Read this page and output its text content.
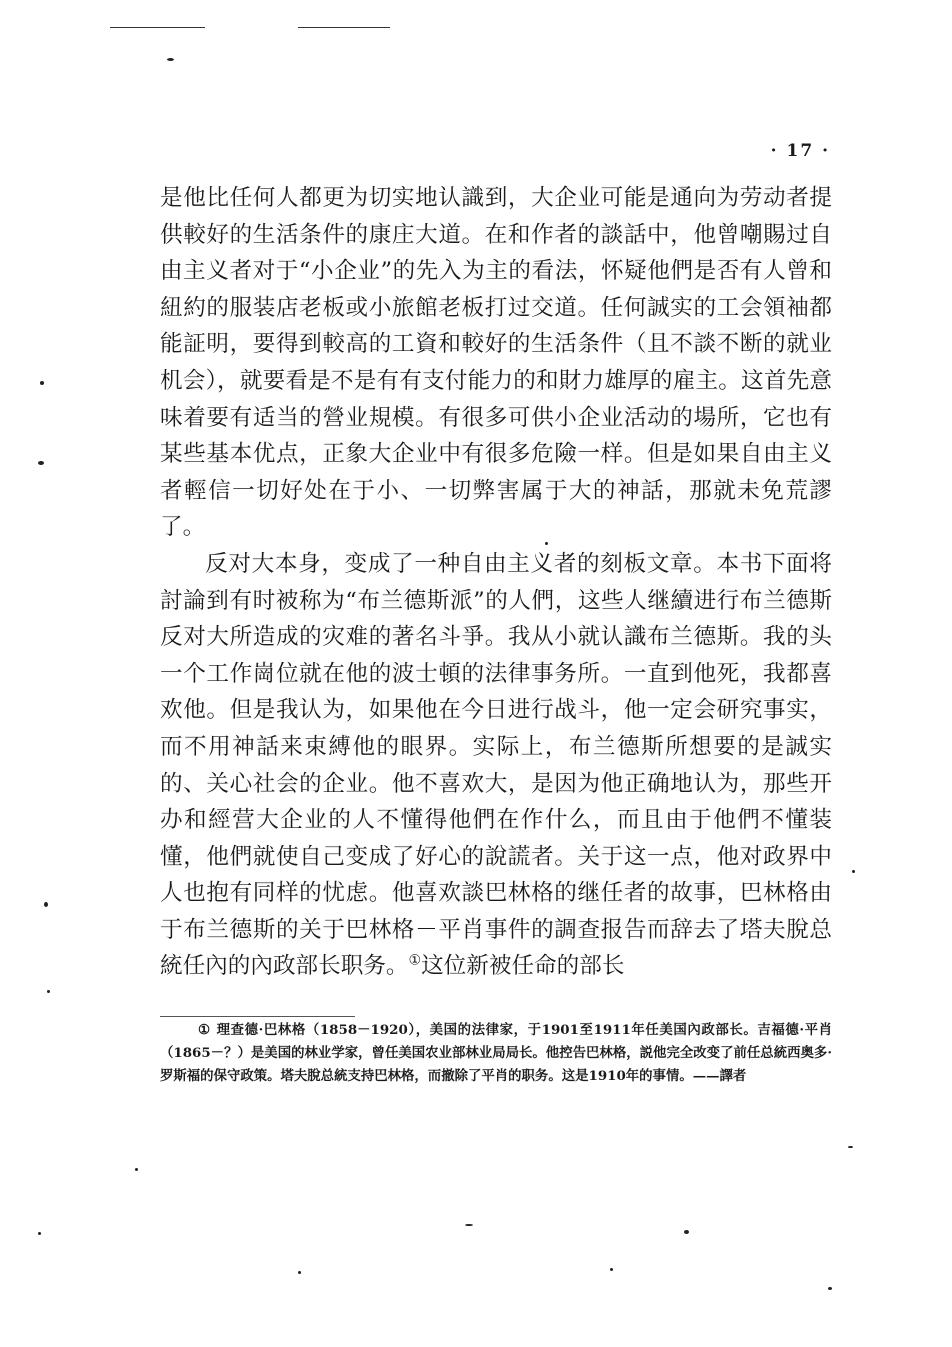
· 17 ·

是他比任何人都更为切实地认識到，大企业可能是通向为劳动者提供較好的生活条件的康庄大道。在和作者的談話中，他曾嘲賜过自由主义者对于“小企业”的先入为主的看法，怀疑他們是否有人曾和紐約的服装店老板或小旅館老板打过交道。任何誠实的工会領袖都能証明，要得到較高的工資和較好的生活条件（且不談不断的就业机会），就要看是不是有有支付能力的和財力雄厚的雇主。这首先意味着要有适当的營业規模。有很多可供小企业活动的場所，它也有某些基本优点，正象大企业中有很多危險一样。但是如果自由主义者輕信一切好处在于小、一切弊害属于大的神話，那就未免荒謬了。

反对大本身，变成了一种自由主义者的刻板文章。本书下面将討論到有时被称为“布兰德斯派”的人們，这些人继續进行布兰德斯反对大所造成的灾难的著名斗爭。我从小就认識布兰德斯。我的头一个工作崗位就在他的波士頓的法律事务所。一直到他死，我都喜欢他。但是我认为，如果他在今日进行战斗，他一定会研究事实，而不用神話来束縛他的眼界。实际上，布兰德斯所想要的是誠实的、关心社会的企业。他不喜欢大，是因为他正确地认为，那些开办和經营大企业的人不懂得他們在作什么，而且由于他們不懂装懂，他們就使自己变成了好心的說謊者。关于这一点，他对政界中人也抱有同样的忧虑。他喜欢談巴林格的继任者的故事，巴林格由于布兰德斯的关于巴林格－平肖事件的調查报告而辞去了塔夫脫总統任內的內政部长职务。①这位新被任命的部长

① 理查德·巴林格（1858－1920），美国的法律家，于1901至1911年任美国內政部长。吉福德·平肖（1865－？）是美国的林业学家，曾任美国农业部林业局局长。他控告巴林格，説他完全改变了前任总統西奥多·罗斯福的保守政策。塔夫脫总統支持巴林格，而撤除了平肖的职务。这是1910年的事情。——譯者
